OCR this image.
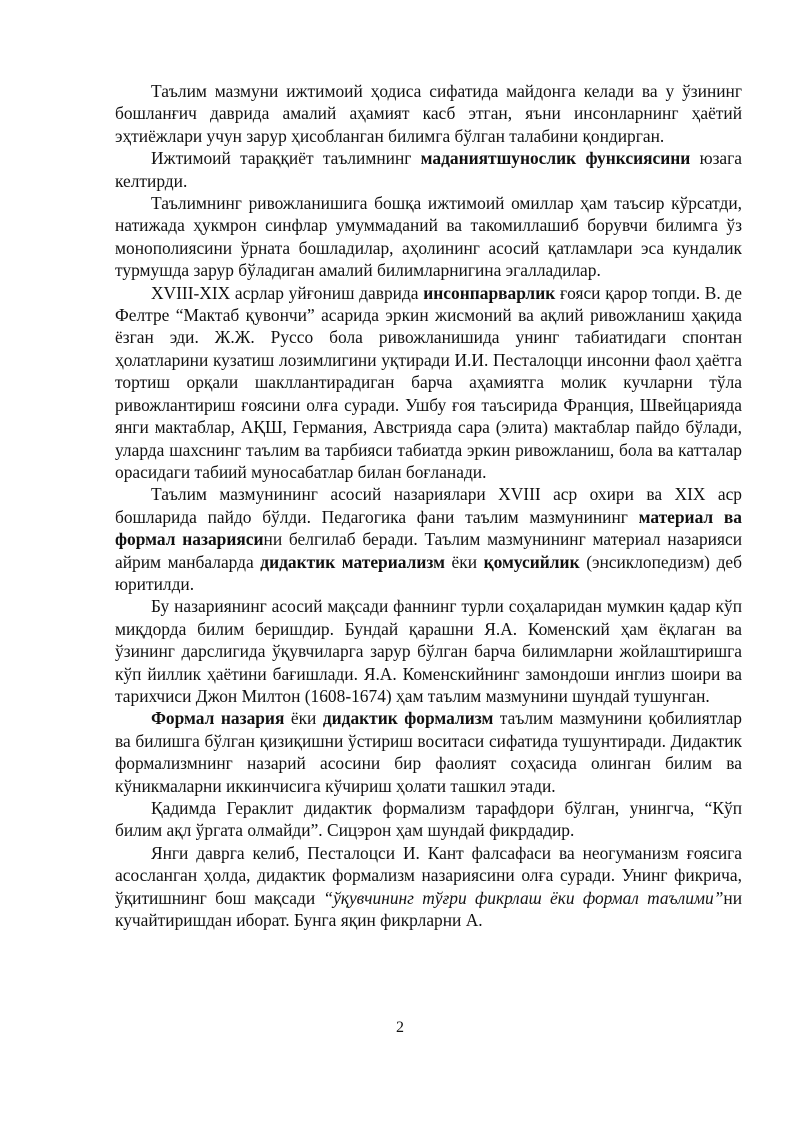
Таълим мазмуни ижтимоий ҳодиса сифатида майдонга келади ва у ўзининг бошланғич даврида амалий аҳамият касб этган, яъни инсонларнинг ҳаётий эҳтиёжлари учун зарур ҳисобланган билимга бўлган талабини қондирган.

Ижтимоий тараққиёт таълимнинг маданиятшунослик функсиясини юзага келтирди.

Таълимнинг ривожланишига бошқа ижтимоий омиллар ҳам таъсир кўрсатди, натижада ҳукмрон синфлар умуммаданий ва такомиллашиб борувчи билимга ўз монополиясини ўрната бошладилар, аҳолининг асосий қатламлари эса кундалик турмушда зарур бўладиган амалий билимларнигина эгалладилар.

XVIII-XIX асрлар уйғониш даврида инсонпарварлик ғояси қарор топди. В. де Фелтре “Мактаб қувончи” асарида эркин жисмоний ва ақлий ривожланиш ҳақида ёзган эди. Ж.Ж. Руссо бола ривожланишида унинг табиатидаги спонтан ҳолатларини кузатиш лозимлигини уқтиради И.И. Песталоцци инсонни фаол ҳаётга тортиш орқали шакллантирадиган барча аҳамиятга молик кучларни тўла ривожлантириш ғоясини олға суради. Ушбу ғоя таъсирида Франция, Швейцарияда янги мактаблар, АҚШ, Германия, Австрияда сара (элита) мактаблар пайдо бўлади, уларда шахснинг таълим ва тарбияси табиатда эркин ривожланиш, бола ва катталар орасидаги табиий муносабатлар билан боғланади.

Таълим мазмунининг асосий назариялари XVIII аср охири ва XIX аср бошларида пайдо бўлди. Педагогика фани таълим мазмунининг материал ва формал назариясини белгилаб беради. Таълим мазмунининг материал назарияси айрим манбаларда дидактик материализм ёки қомусийлик (энсиклопедизм) деб юритилди.

Бу назариянинг асосий мақсади фаннинг турли соҳаларидан мумкин қадар кўп миқдорда билим беришдир. Бундай қарашни Я.А. Коменский ҳам ёқлаган ва ўзининг дарслигида ўқувчиларга зарур бўлган барча билимларни жойлаштиришга кўп йиллик ҳаётини бағишлади. Я.А. Коменскийнинг замондоши инглиз шоири ва тарихчиси Джон Милтон (1608-1674) ҳам таълим мазмунини шундай тушунган.

Формал назария ёки дидактик формализм таълим мазмунини қобилиятлар ва билишга бўлган қизиқишни ўстириш воситаси сифатида тушунтиради. Дидактик формализмнинг назарий асосини бир фаолият соҳасида олинган билим ва кўникмаларни иккинчисига кўчириш ҳолати ташкил этади.

Қадимда Гераклит дидактик формализм тарафдори бўлган, унингча, “Кўп билим ақл ўргата олмайди”. Сицэрон ҳам шундай фикрдадир.

Янги даврга келиб, Песталоцси И. Кант фалсафаси ва неогуманизм ғоясига асосланган ҳолда, дидактик формализм назариясини олға суради. Унинг фикрича, ўқитишнинг бош мақсади “ўқувчининг тўғри фикрлаш ёки формал таълими”ни кучайтиришдан иборат. Бунга яқин фикрларни А.

2
